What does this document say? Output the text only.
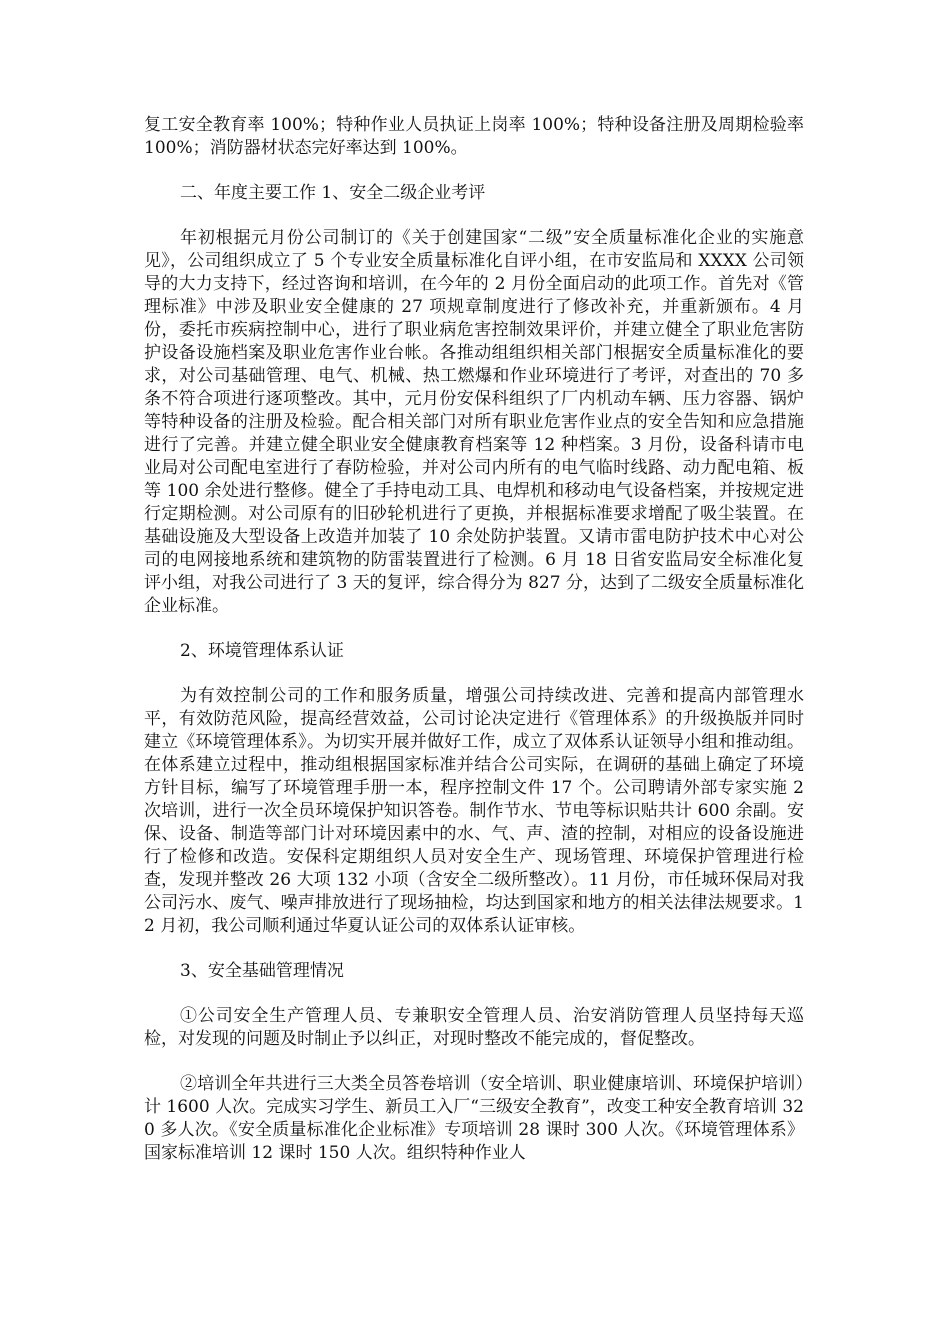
复工安全教育率 100%；特种作业人员执证上岗率 100%；特种设备注册及周期检验率 100%；消防器材状态完好率达到 100%。

二、年度主要工作 1、安全二级企业考评

年初根据元月份公司制订的《关于创建国家“二级”安全质量标准化企业的实施意见》，公司组织成立了 5 个专业安全质量标准化自评小组，在市安监局和 XXXX 公司领导的大力支持下，经过咨询和培训，在今年的 2 月份全面启动的此项工作。首先对《管理标准》中涉及职业安全健康的 27 项规章制度进行了修改补充，并重新颁布。4 月份，委托市疾病控制中心，进行了职业病危害控制效果评价，并建立健全了职业危害防护设备设施档案及职业危害作业台帐。各推动组组织相关部门根据安全质量标准化的要求，对公司基础管理、电气、机械、热工燃爆和作业环境进行了考评，对查出的 70 多条不符合项进行逐项整改。其中，元月份安保科组织了厂内机动车辆、压力容器、锅炉等特种设备的注册及检验。配合相关部门对所有职业危害作业点的安全告知和应急措施进行了完善。并建立健全职业安全健康教育档案等 12 种档案。3 月份，设备科请市电业局对公司配电室进行了春防检验，并对公司内所有的电气临时线路、动力配电箱、板等 100 余处进行整修。健全了手持电动工具、电焊机和移动电气设备档案，并按规定进行定期检测。对公司原有的旧砂轮机进行了更换，并根据标准要求增配了吸尘装置。在基础设施及大型设备上改造并加装了 10 余处防护装置。又请市雷电防护技术中心对公司的电网接地系统和建筑物的防雷装置进行了检测。6 月 18 日省安监局安全标准化复评小组，对我公司进行了 3 天的复评，综合得分为 827 分，达到了二级安全质量标准化企业标准。

2、环境管理体系认证

为有效控制公司的工作和服务质量，增强公司持续改进、完善和提高内部管理水平，有效防范风险，提高经营效益，公司讨论决定进行《管理体系》的升级换版并同时建立《环境管理体系》。为切实开展并做好工作，成立了双体系认证领导小组和推动组。在体系建立过程中，推动组根据国家标准并结合公司实际，在调研的基础上确定了环境方针目标，编写了环境管理手册一本，程序控制文件 17 个。公司聘请外部专家实施 2 次培训，进行一次全员环境保护知识答卷。制作节水、节电等标识贴共计 600 余副。安保、设备、制造等部门计对环境因素中的水、气、声、渣的控制，对相应的设备设施进行了检修和改造。安保科定期组织人员对安全生产、现场管理、环境保护管理进行检查，发现并整改 26 大项 132 小项（含安全二级所整改）。11 月份，市任城环保局对我公司污水、废气、噪声排放进行了现场抽检，均达到国家和地方的相关法律法规要求。12 月初，我公司顺利通过华夏认证公司的双体系认证审核。

3、安全基础管理情况

①公司安全生产管理人员、专兼职安全管理人员、治安消防管理人员坚持每天巡检，对发现的问题及时制止予以纠正，对现时整改不能完成的，督促整改。

②培训全年共进行三大类全员答卷培训（安全培训、职业健康培训、环境保护培训）计 1600 人次。完成实习学生、新员工入厂“三级安全教育”，改变工种安全教育培训 320 多人次。《安全质量标准化企业标准》专项培训 28 课时 300 人次。《环境管理体系》国家标准培训 12 课时 150 人次。组织特种作业人
